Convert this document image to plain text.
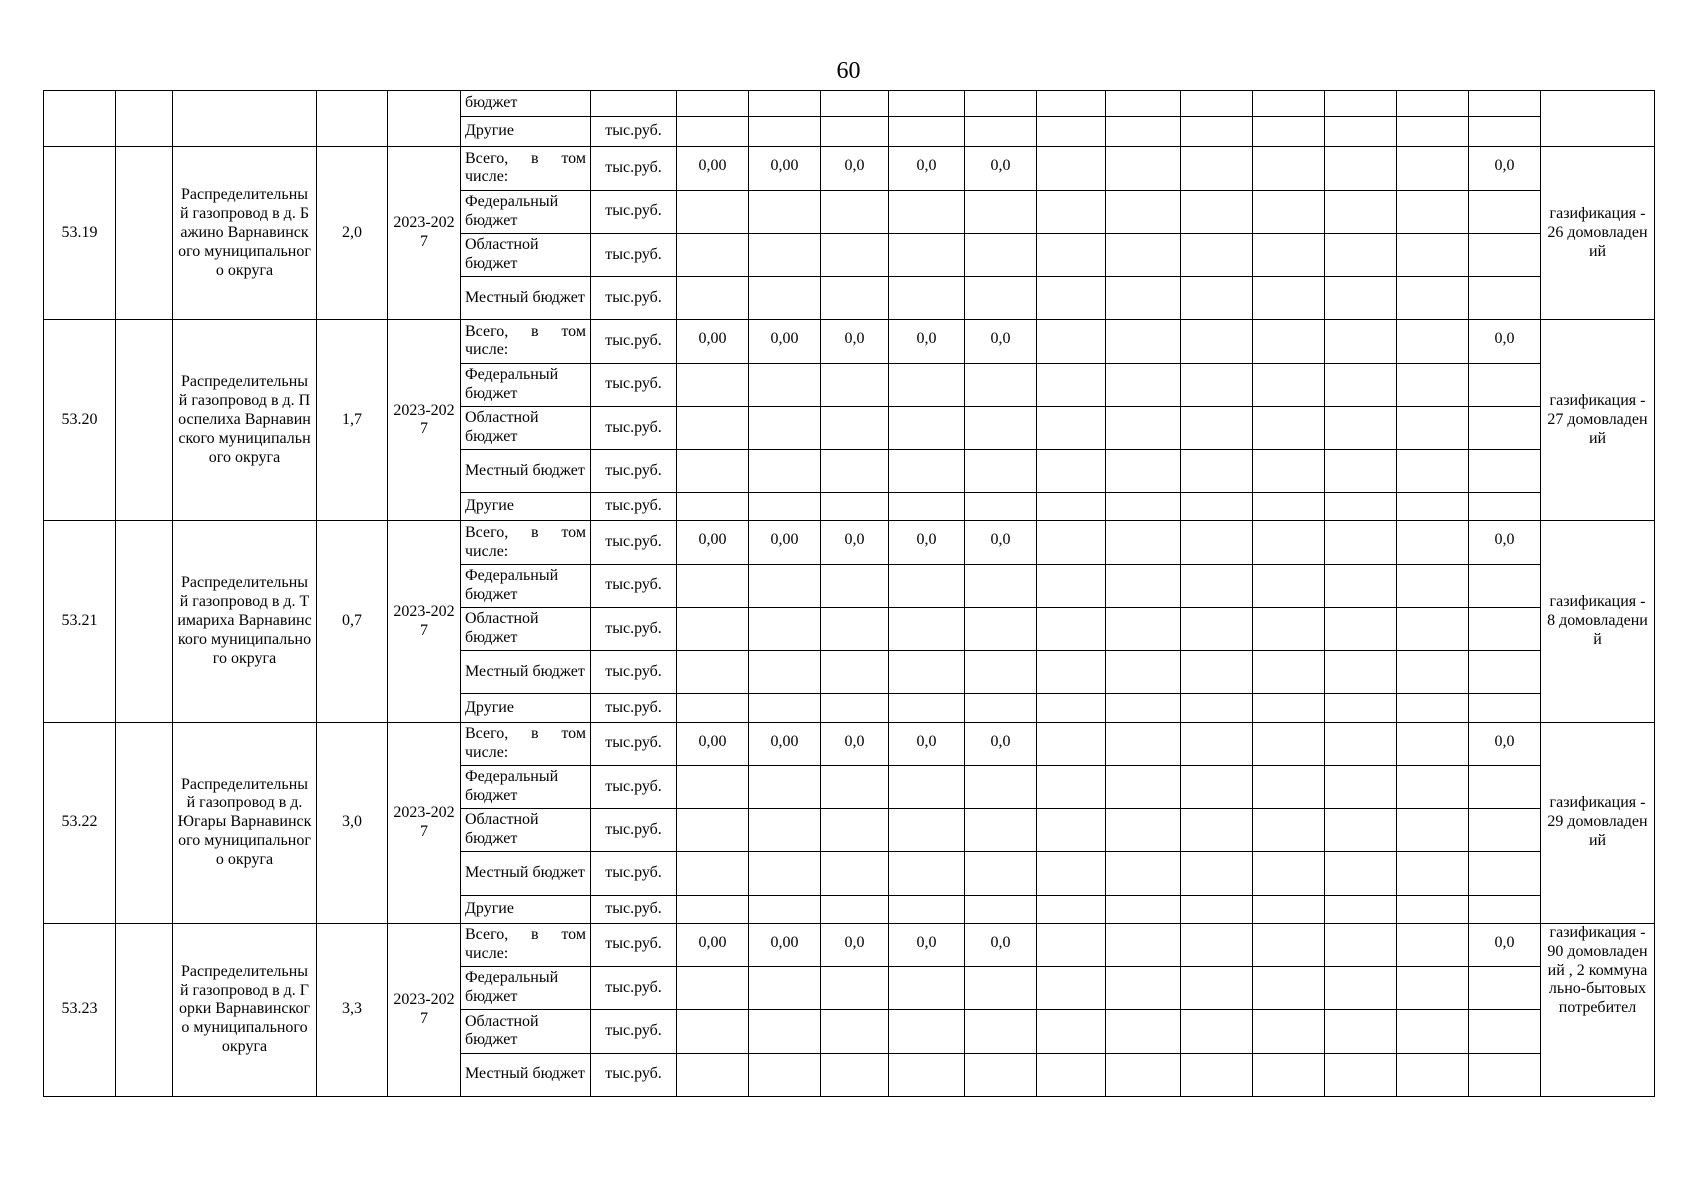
60
					бюджет														
					Другие	тыс.руб.													
53.19		Распределительный газопровод в д. Бажино Варнавинского муниципального округа	2,0	2023-2027	Всего, в том числе:	тыс.руб.	0,00	0,00	0,0	0,0	0,0							0,0	газификация - 26 домовладений
					Федеральный бюджет	тыс.руб.													
					Областной бюджет	тыс.руб.													
					Местный бюджет	тыс.руб.													
53.20		Распределительный газопровод в д. Поспелиха Варнавинского муниципального округа	1,7	2023-2027	Всего, в том числе:	тыс.руб.	0,00	0,00	0,0	0,0	0,0							0,0	газификация - 27 домовладений
					Федеральный бюджет	тыс.руб.													
					Областной бюджет	тыс.руб.													
					Местный бюджет	тыс.руб.													
					Другие	тыс.руб.													
53.21		Распределительный газопровод в д. Тимариха Варнавинского муниципального округа	0,7	2023-2027	Всего, в том числе:	тыс.руб.	0,00	0,00	0,0	0,0	0,0							0,0	газификация - 8 домовладений
					Федеральный бюджет	тыс.руб.													
					Областной бюджет	тыс.руб.													
					Местный бюджет	тыс.руб.													
					Другие	тыс.руб.													
53.22		Распределительный газопровод в д. Югары Варнавинского муниципального округа	3,0	2023-2027	Всего, в том числе:	тыс.руб.	0,00	0,00	0,0	0,0	0,0							0,0	газификация - 29 домовладений
					Федеральный бюджет	тыс.руб.													
					Областной бюджет	тыс.руб.													
					Местный бюджет	тыс.руб.													
					Другие	тыс.руб.													
53.23		Распределительный газопровод в д. Горки Варнавинского муниципального округа	3,3	2023-2027	Всего, в том числе:	тыс.руб.	0,00	0,00	0,0	0,0	0,0							0,0	газификация - 90 домовладений , 2 коммунально-бытовых потребител
					Федеральный бюджет	тыс.руб.													
					Областной бюджет	тыс.руб.													
					Местный бюджет	тыс.руб.													
